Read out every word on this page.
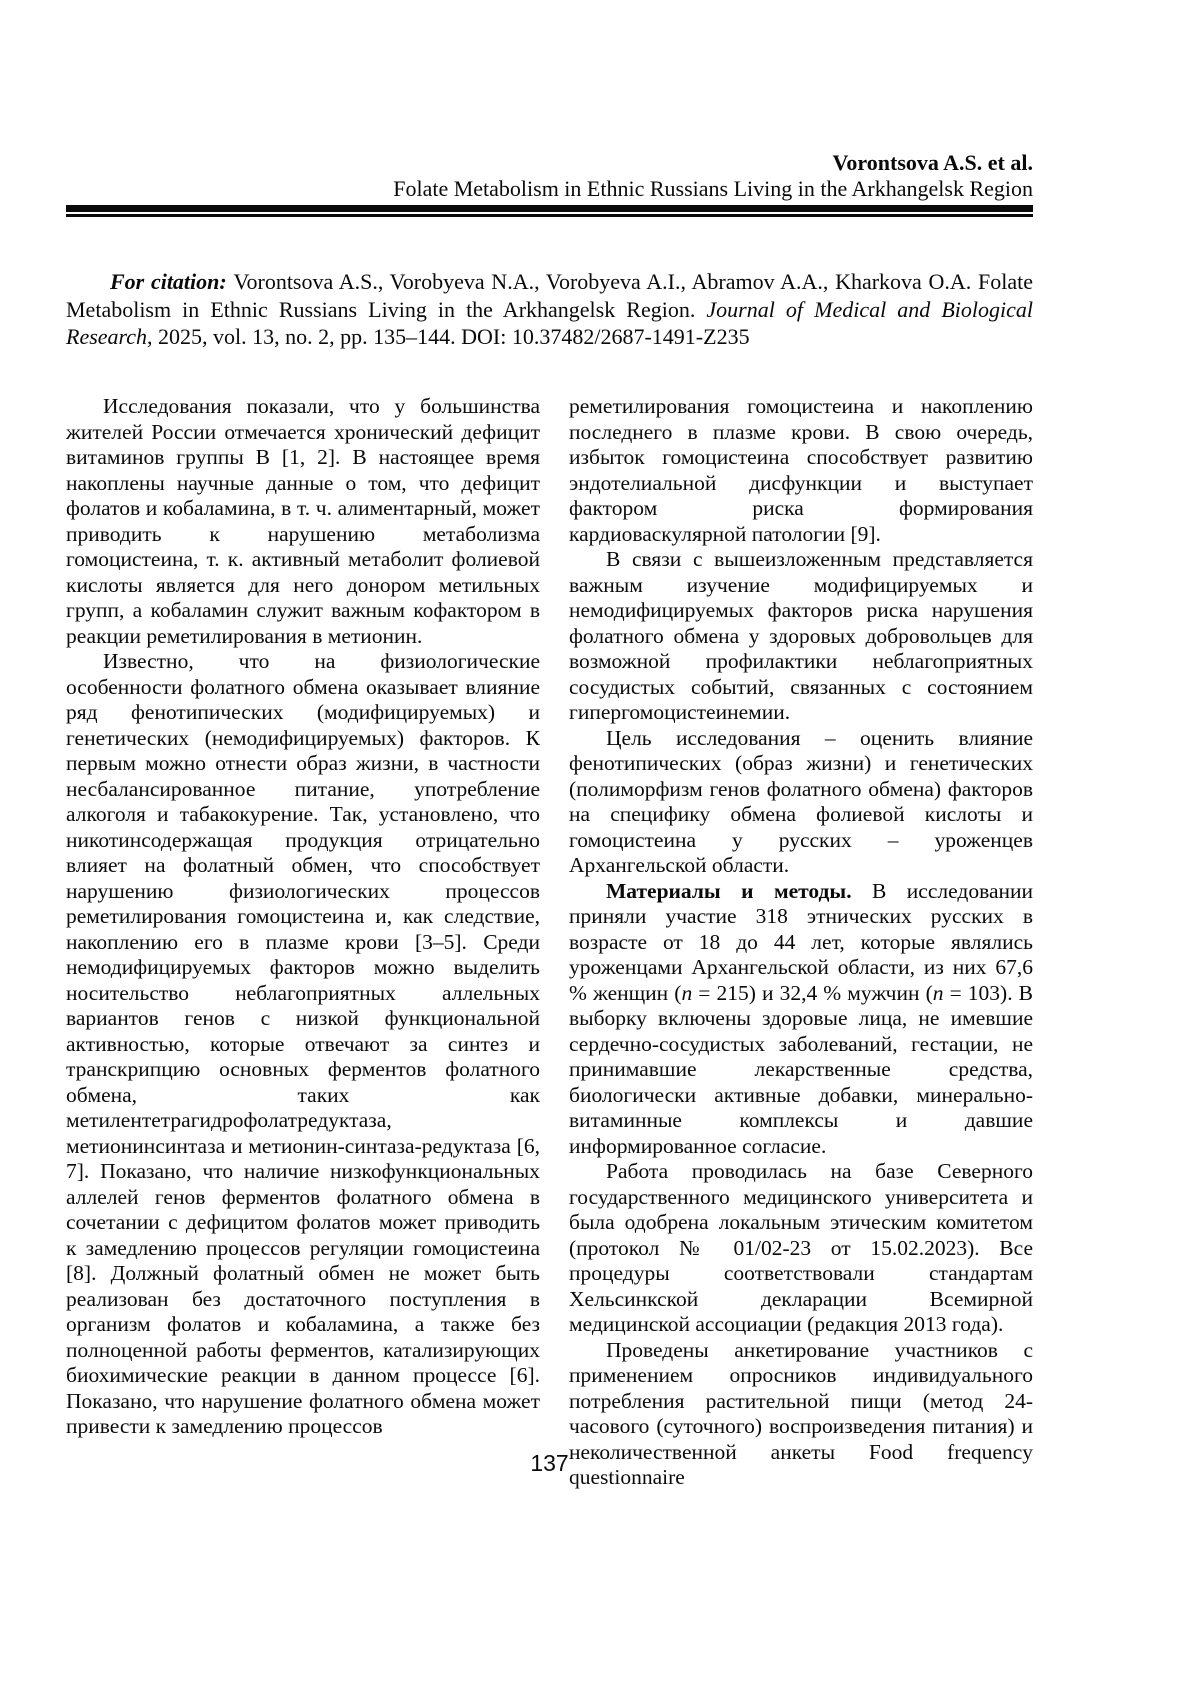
Vorontsova A.S. et al.
Folate Metabolism in Ethnic Russians Living in the Arkhangelsk Region

For citation: Vorontsova A.S., Vorobyeva N.A., Vorobyeva A.I., Abramov A.A., Kharkova O.A. Folate Metabolism in Ethnic Russians Living in the Arkhangelsk Region. Journal of Medical and Biological Research, 2025, vol. 13, no. 2, pp. 135–144. DOI: 10.37482/2687-1491-Z235

Исследования показали, что у большинства жителей России отмечается хронический дефицит витаминов группы В [1, 2]. В настоящее время накоплены научные данные о том, что дефицит фолатов и кобаламина, в т. ч. алиментарный, может приводить к нарушению метаболизма гомоцистеина, т. к. активный метаболит фолиевой кислоты является для него донором метильных групп, а кобаламин служит важным кофактором в реакции реметилирования в метионин.

Известно, что на физиологические особенности фолатного обмена оказывает влияние ряд фенотипических (модифицируемых) и генетических (немодифицируемых) факторов. К первым можно отнести образ жизни, в частности несбалансированное питание, употребление алкоголя и табакокурение. Так, установлено, что никотинсодержащая продукция отрицательно влияет на фолатный обмен, что способствует нарушению физиологических процессов реметилирования гомоцистеина и, как следствие, накоплению его в плазме крови [3–5]. Среди немодифицируемых факторов можно выделить носительство неблагоприятных аллельных вариантов генов с низкой функциональной активностью, которые отвечают за синтез и транскрипцию основных ферментов фолатного обмена, таких как метилентетрагидрофолатредуктаза, метионинсинтаза и метионин-синтаза-редуктаза [6, 7]. Показано, что наличие низкофункциональных аллелей генов ферментов фолатного обмена в сочетании с дефицитом фолатов может приводить к замедлению процессов регуляции гомоцистеина [8]. Должный фолатный обмен не может быть реализован без достаточного поступления в организм фолатов и кобаламина, а также без полноценной работы ферментов, катализирующих биохимические реакции в данном процессе [6]. Показано, что нарушение фолатного обмена может привести к замедлению процессов

реметилирования гомоцистеина и накоплению последнего в плазме крови. В свою очередь, избыток гомоцистеина способствует развитию эндотелиальной дисфункции и выступает фактором риска формирования кардиоваскулярной патологии [9].

В связи с вышеизложенным представляется важным изучение модифицируемых и немодифицируемых факторов риска нарушения фолатного обмена у здоровых добровольцев для возможной профилактики неблагоприятных сосудистых событий, связанных с состоянием гипергомоцистеинемии.

Цель исследования – оценить влияние фенотипических (образ жизни) и генетических (полиморфизм генов фолатного обмена) факторов на специфику обмена фолиевой кислоты и гомоцистеина у русских – уроженцев Архангельской области.

Материалы и методы. В исследовании приняли участие 318 этнических русских в возрасте от 18 до 44 лет, которые являлись уроженцами Архангельской области, из них 67,6 % женщин (n = 215) и 32,4 % мужчин (n = 103). В выборку включены здоровые лица, не имевшие сердечно-сосудистых заболеваний, гестации, не принимавшие лекарственные средства, биологически активные добавки, минерально-витаминные комплексы и давшие информированное согласие.

Работа проводилась на базе Северного государственного медицинского университета и была одобрена локальным этическим комитетом (протокол № 01/02-23 от 15.02.2023). Все процедуры соответствовали стандартам Хельсинкской декларации Всемирной медицинской ассоциации (редакция 2013 года).

Проведены анкетирование участников с применением опросников индивидуального потребления растительной пищи (метод 24-часового (суточного) воспроизведения питания) и неколичественной анкеты Food frequency questionnaire

137
